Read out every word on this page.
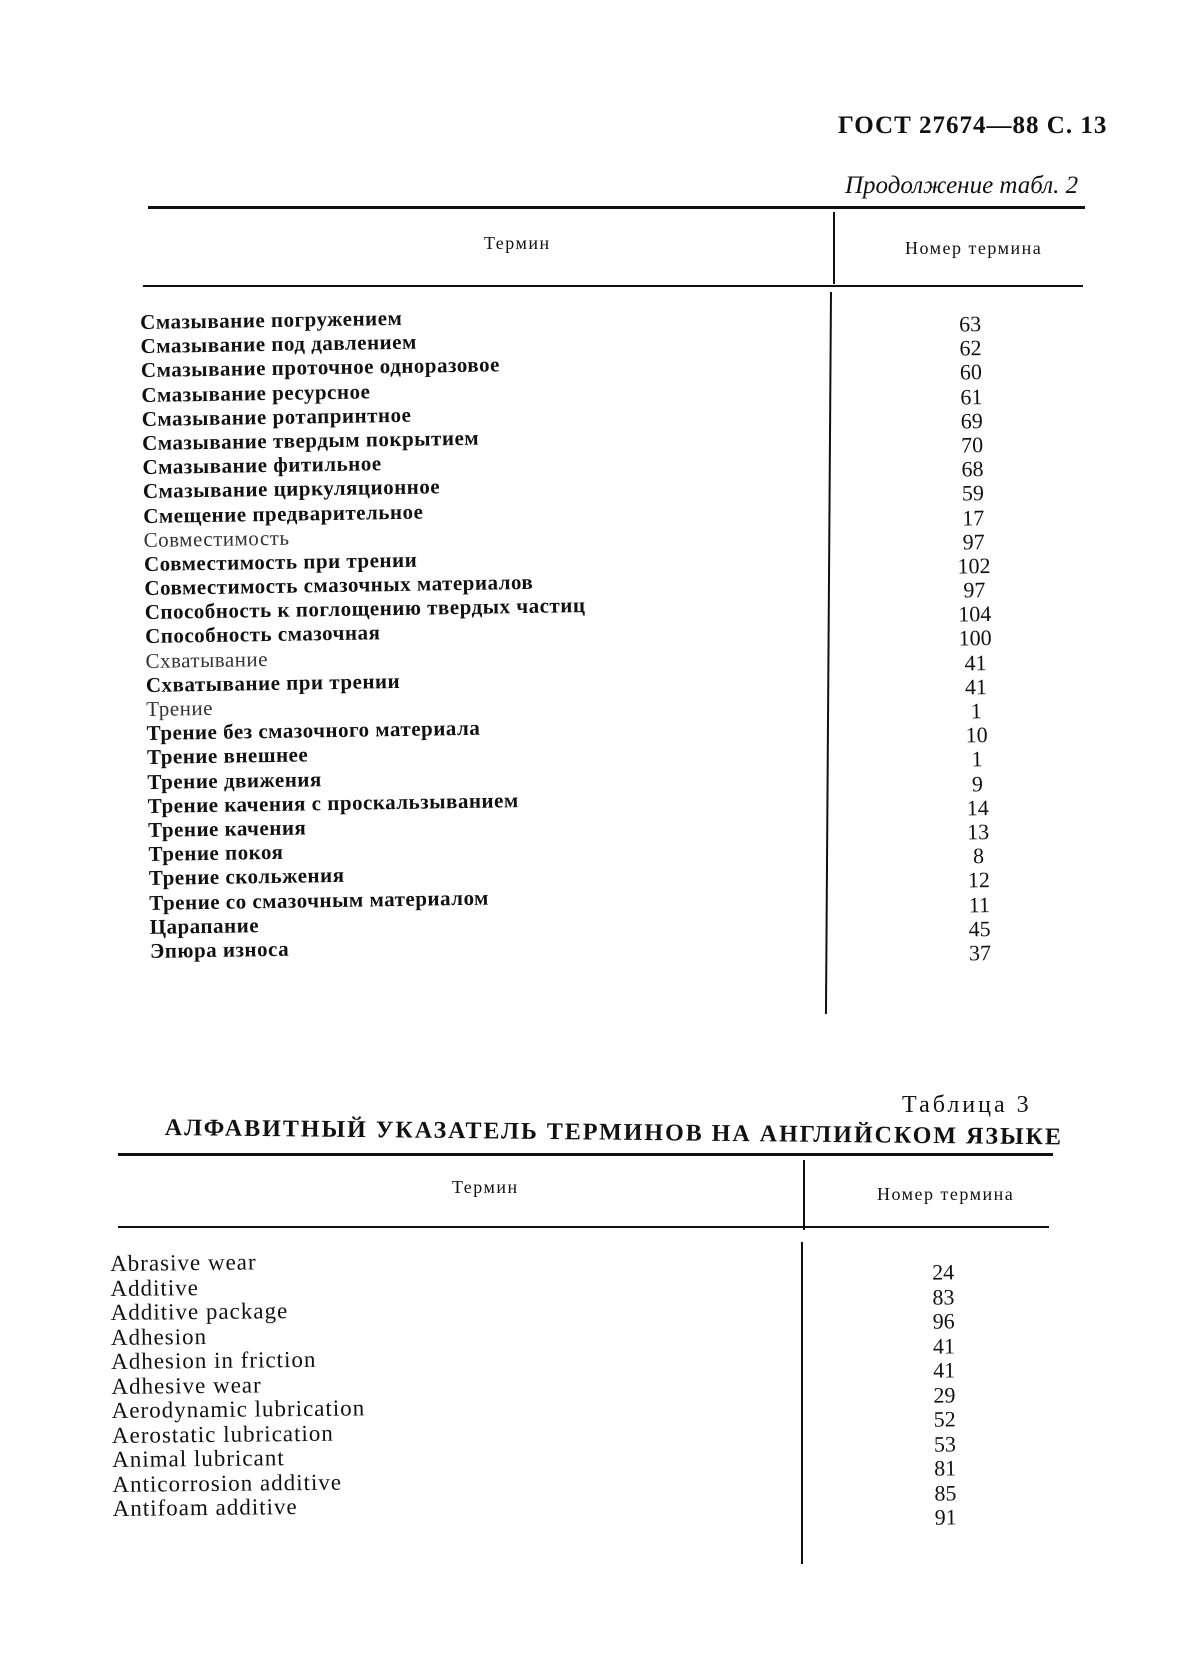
ГОСТ 27674—88 С. 13
Продолжение табл. 2
Термин	Номер термина
Смазывание погружением
Смазывание под давлением
Смазывание проточное одноразовое
Смазывание ресурсное
Смазывание ротапринтное
Смазывание твердым покрытием
Смазывание фитильное
Смазывание циркуляционное
Смещение предварительное
Совместимость
Совместимость при трении
Совместимость смазочных материалов
Способность к поглощению твердых частиц
Способность смазочная
Схватывание
Схватывание при трении
Трение
Трение без смазочного материала
Трение внешнее
Трение движения
Трение качения с проскальзыванием
Трение качения
Трение покоя
Трение скольжения
Трение со смазочным материалом
Царапание
Эпюра износа
63
62
60
61
69
70
68
59
17
97
102
97
104
100
41
41
1
10
1
9
14
13
8
12
11
45
37
Таблица 3
АЛФАВИТНЫЙ УКАЗАТЕЛЬ ТЕРМИНОВ НА АНГЛИЙСКОМ ЯЗЫКЕ
Термин	Номер термина
Abrasive wear
Additive
Additive package
Adhesion
Adhesion in friction
Adhesive wear
Aerodynamic lubrication
Aerostatic lubrication
Animal lubricant
Anticorrosion additive
Antifoam additive
24
83
96
41
41
29
52
53
81
85
91
